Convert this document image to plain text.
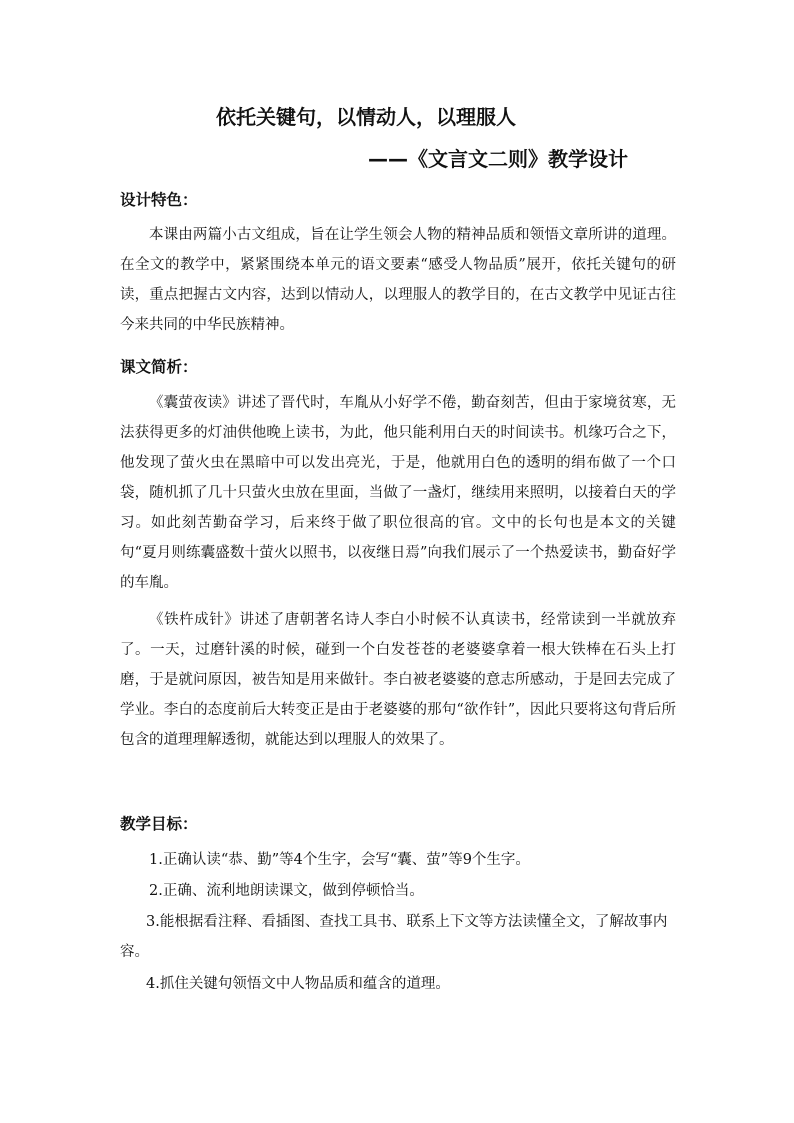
依托关键句，以情动人，以理服人
——《文言文二则》教学设计
设计特色：

本课由两篇小古文组成，旨在让学生领会人物的精神品质和领悟文章所讲的道理。在全文的教学中，紧紧围绕本单元的语文要素“感受人物品质”展开，依托关键句的研读，重点把握古文内容，达到以情动人，以理服人的教学目的，在古文教学中见证古往今来共同的中华民族精神。

课文简析：

《囊萤夜读》讲述了晋代时，车胤从小好学不倦，勤奋刻苦，但由于家境贫寒，无法获得更多的灯油供他晚上读书，为此，他只能利用白天的时间读书。机缘巧合之下，他发现了萤火虫在黑暗中可以发出亮光，于是，他就用白色的透明的绢布做了一个口袋，随机抓了几十只萤火虫放在里面，当做了一盏灯，继续用来照明，以接着白天的学习。如此刻苦勤奋学习，后来终于做了职位很高的官。文中的长句也是本文的关键句“夏月则练囊盛数十萤火以照书，以夜继日焉”向我们展示了一个热爱读书，勤奋好学的车胤。

《铁杵成针》讲述了唐朝著名诗人李白小时候不认真读书，经常读到一半就放弃了。一天，过磨针溪的时候，碰到一个白发苍苍的老婆婆拿着一根大铁棒在石头上打磨，于是就问原因，被告知是用来做针。李白被老婆婆的意志所感动，于是回去完成了学业。李白的态度前后大转变正是由于老婆婆的那句“欲作针”，因此只要将这句背后所包含的道理理解透彻，就能达到以理服人的效果了。

教学目标：

1.正确认读“恭、勤”等4个生字，会写“囊、萤”等9个生字。

2.正确、流利地朗读课文，做到停顿恰当。

3.能根据看注释、看插图、查找工具书、联系上下文等方法读懂全文，了解故事内容。

4.抓住关键句领悟文中人物品质和蕴含的道理。
